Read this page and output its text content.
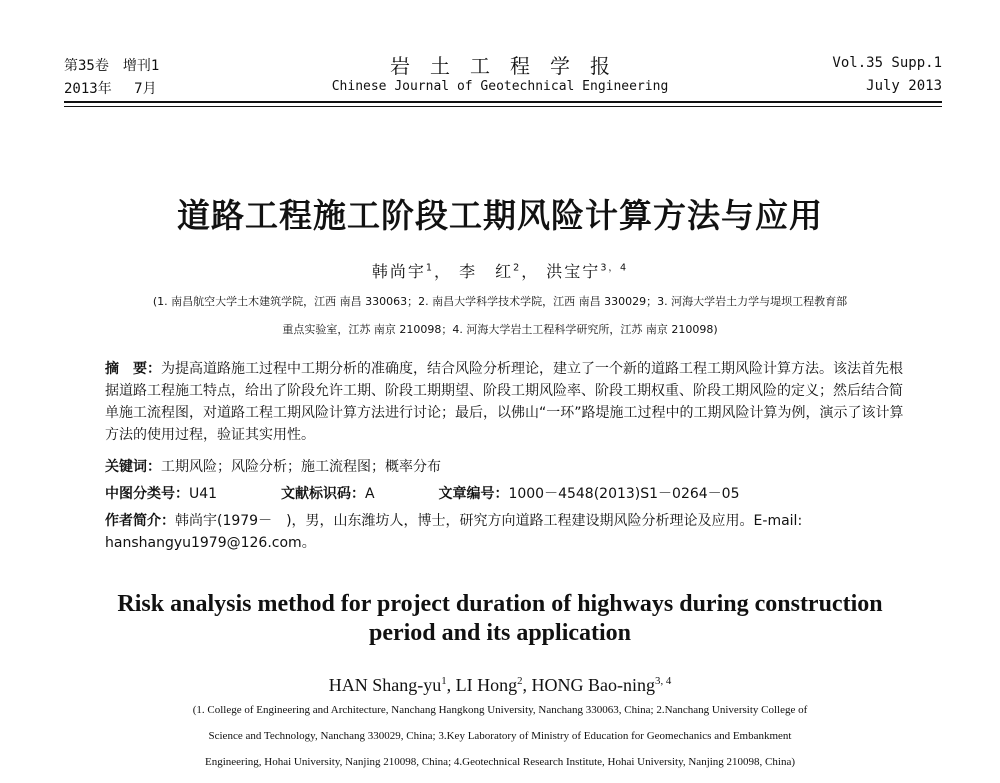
第35卷　增刊1
2013年　 7月
岩　土　工　程　学　报
Chinese Journal of Geotechnical Engineering
Vol.35 Supp.1
July 2013
道路工程施工阶段工期风险计算方法与应用
韩尚宇$^1$， 李　红$^2$， 洪宝宁$^{3,4}$
(1. 南昌航空大学土木建筑学院，江西 南昌 330063；2. 南昌大学科学技术学院，江西 南昌 330029；3. 河海大学岩土力学与堤坝工程教育部
重点实验室，江苏 南京 210098；4. 河海大学岩土工程科学研究所，江苏 南京 210098)
摘　要：为提高道路施工过程中工期分析的准确度，结合风险分析理论，建立了一个新的道路工程工期风险计算方法。该法首先根据道路工程施工特点，给出了阶段允许工期、阶段工期期望、阶段工期风险率、阶段工期权重、阶段工期风险的定义；然后结合简单施工流程图，对道路工程工期风险计算方法进行讨论；最后，以佛山“一环”路堤施工过程中的工期风险计算为例，演示了该计算方法的使用过程，验证其实用性。
关键词：工期风险；风险分析；施工流程图；概率分布
中图分类号：U41	文献标识码：A	文章编号：1000－4548(2013)S1－0264－05
作者简介：韩尚宇(1979－　)，男，山东潍坊人，博士，研究方向道路工程建设期风险分析理论及应用。E-mail: hanshangyu1979@126.com。
Risk analysis method for project duration of highways during construction period and its application
HAN Shang-$yu^1$, LI Hong$^2$, HONG Bao-ning$^{3, 4}$
(1. College of Engineering and Architecture, Nanchang Hangkong University, Nanchang 330063, China; 2.Nanchang University College of
Science and Technology, Nanchang 330029, China; 3.Key Laboratory of Ministry of Education for Geomechanics and Embankment
Engineering, Hohai University, Nanjing 210098, China; 4.Geotechnical Research Institute, Hohai University, Nanjing 210098, China)
